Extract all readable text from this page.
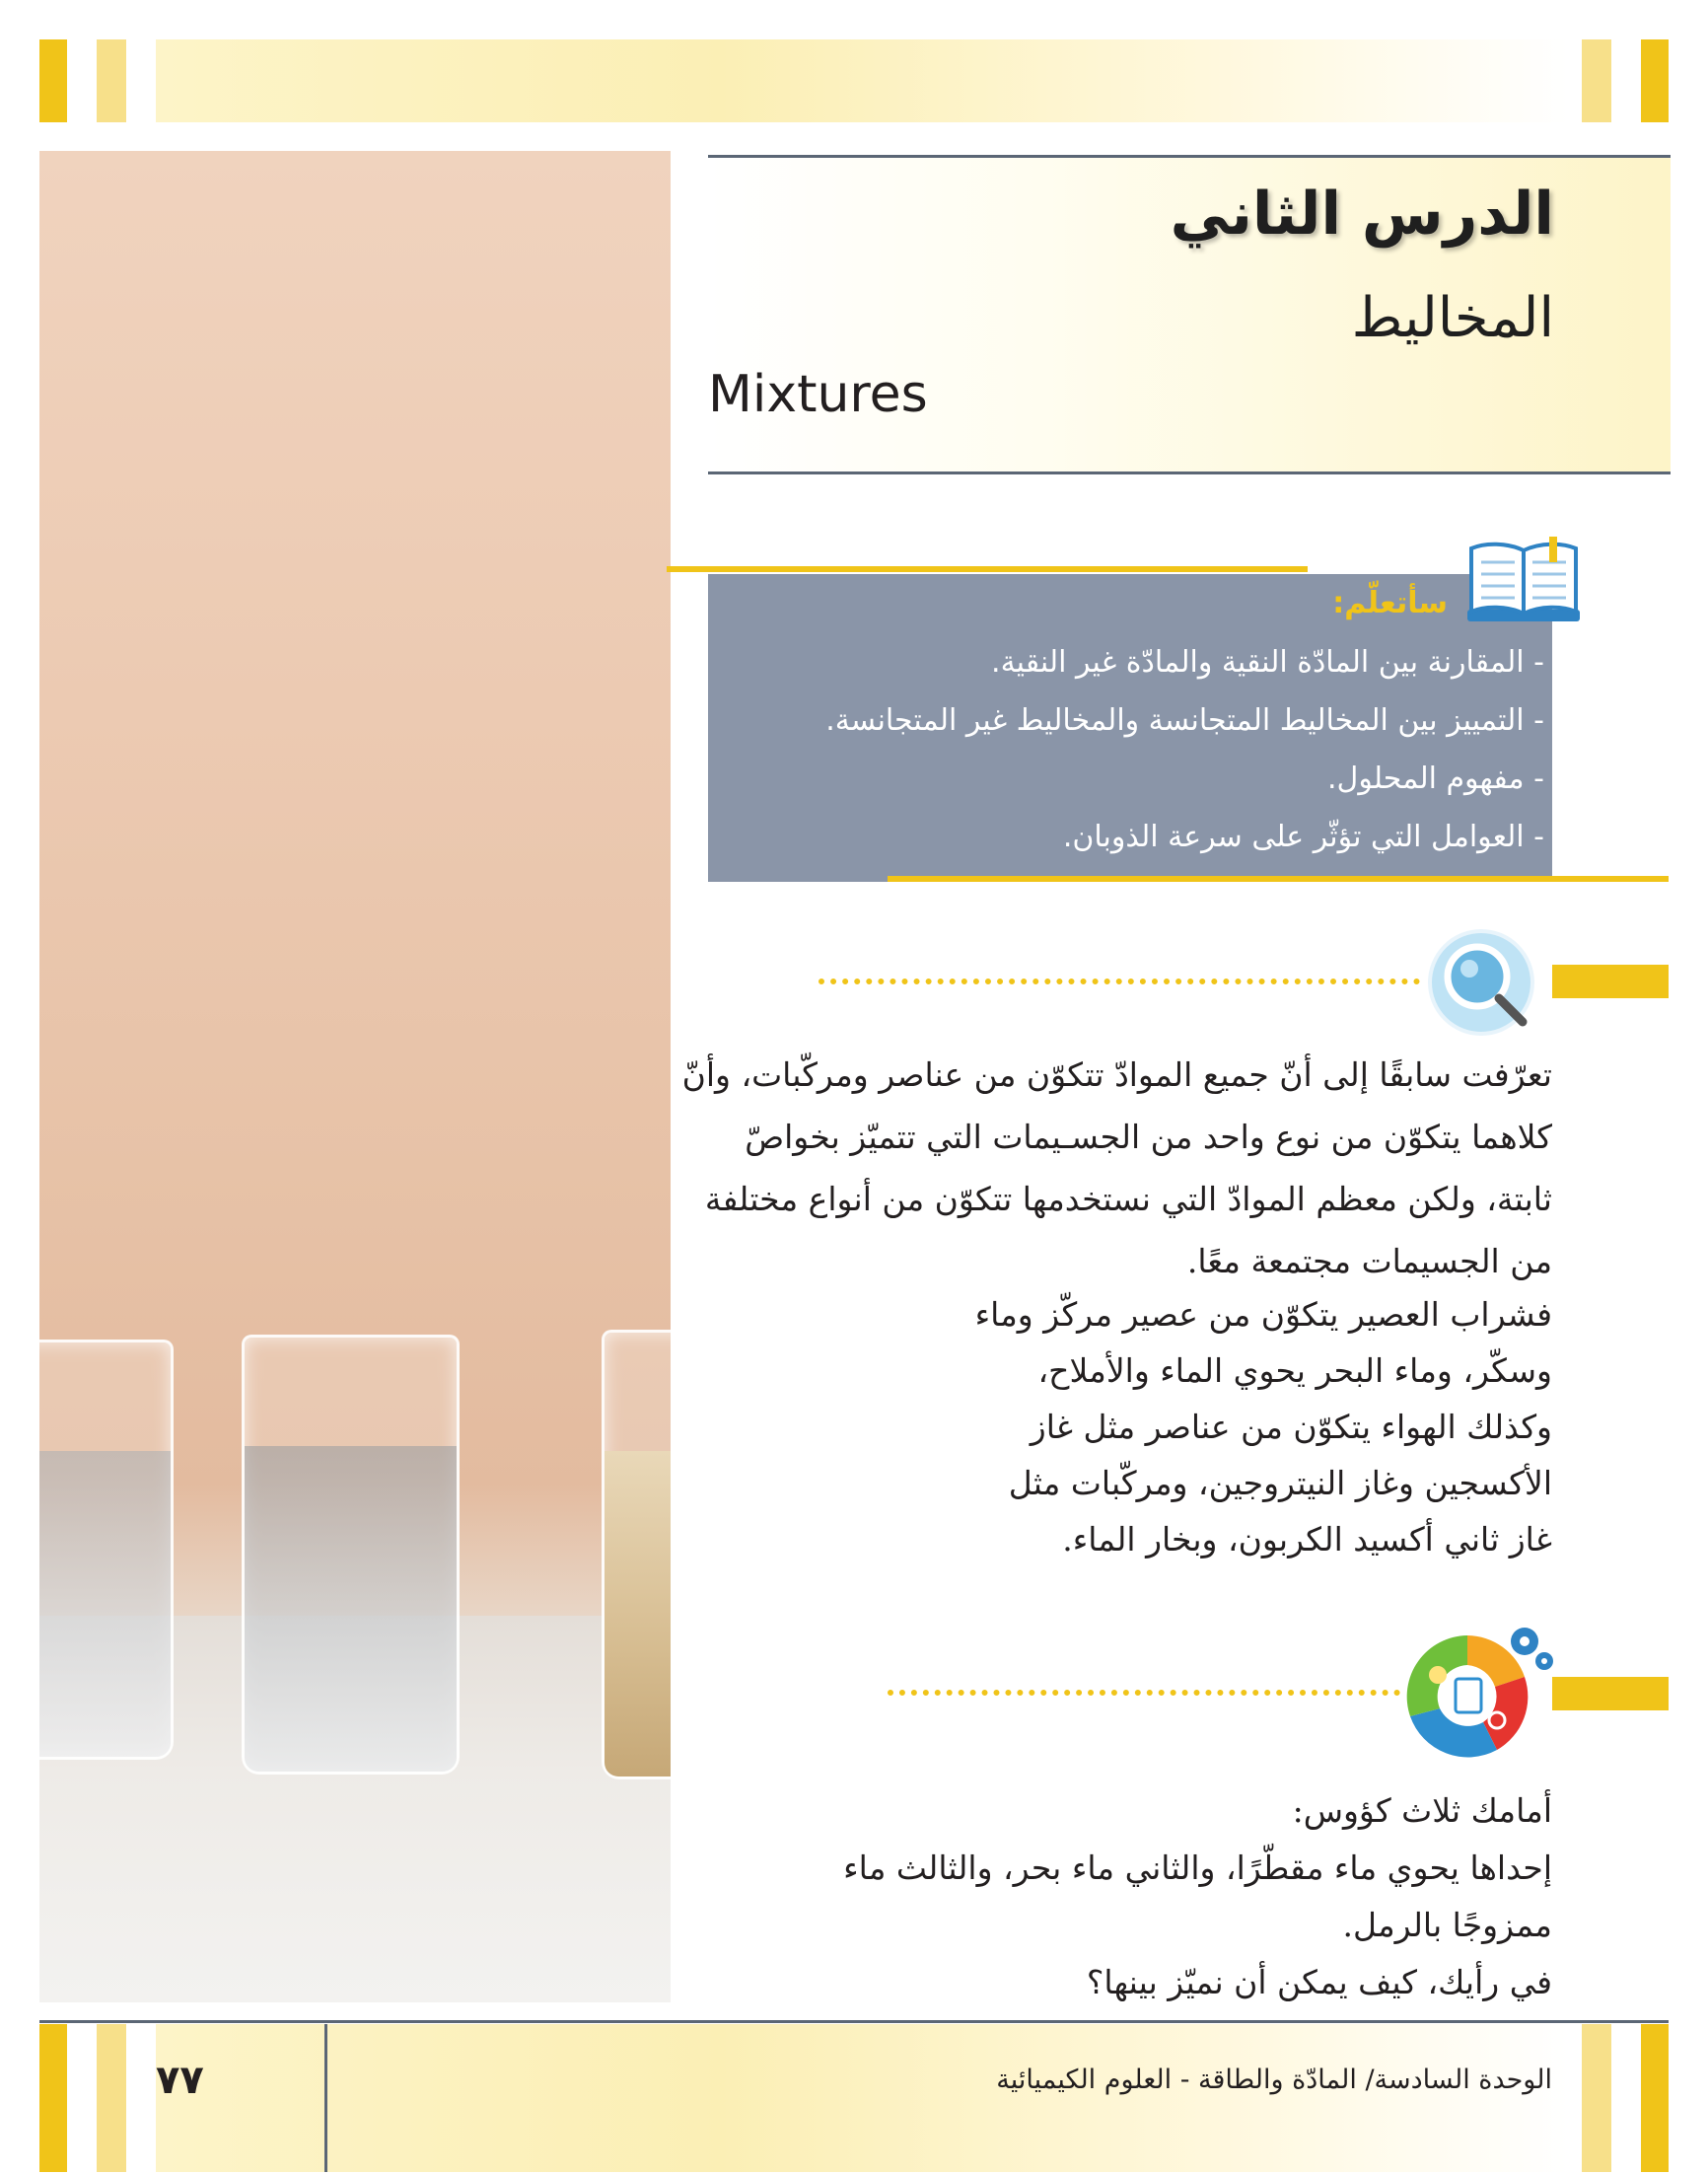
الدرس الثاني
المخاليط
Mixtures
سأتعلّم:
- المقارنة بين المادّة النقية والمادّة غير النقية.
- التمييز بين المخاليط المتجانسة والمخاليط غير المتجانسة.
- مفهوم المحلول.
- العوامل التي تؤثّر على سرعة الذوبان.
تعرّفت سابقًا إلى أنّ جميع الموادّ تتكوّن من عناصر ومركّبات، وأنّ
كلاهما يتكوّن من نوع واحد من الجسـيمات التي تتميّز بخواصّ
ثابتة، ولكن معظم الموادّ التي نستخدمها تتكوّن من أنواع مختلفة
من الجسيمات مجتمعة معًا.
فشراب العصير يتكوّن من عصير مركّز وماء
وسكّر، وماء البحر يحوي الماء والأملاح،
وكذلك الهواء يتكوّن من عناصر مثل غاز
الأكسجين وغاز النيتروجين، ومركّبات مثل
غاز ثاني أكسيد الكربون، وبخار الماء.
أمامك ثلاث كؤوس:
إحداها يحوي ماء مقطّرًا، والثاني ماء بحر، والثالث ماء
ممزوجًا بالرمل.
في رأيك، كيف يمكن أن نميّز بينها؟
٧٧	الوحدة السادسة/ المادّة والطاقة - العلوم الكيميائية
